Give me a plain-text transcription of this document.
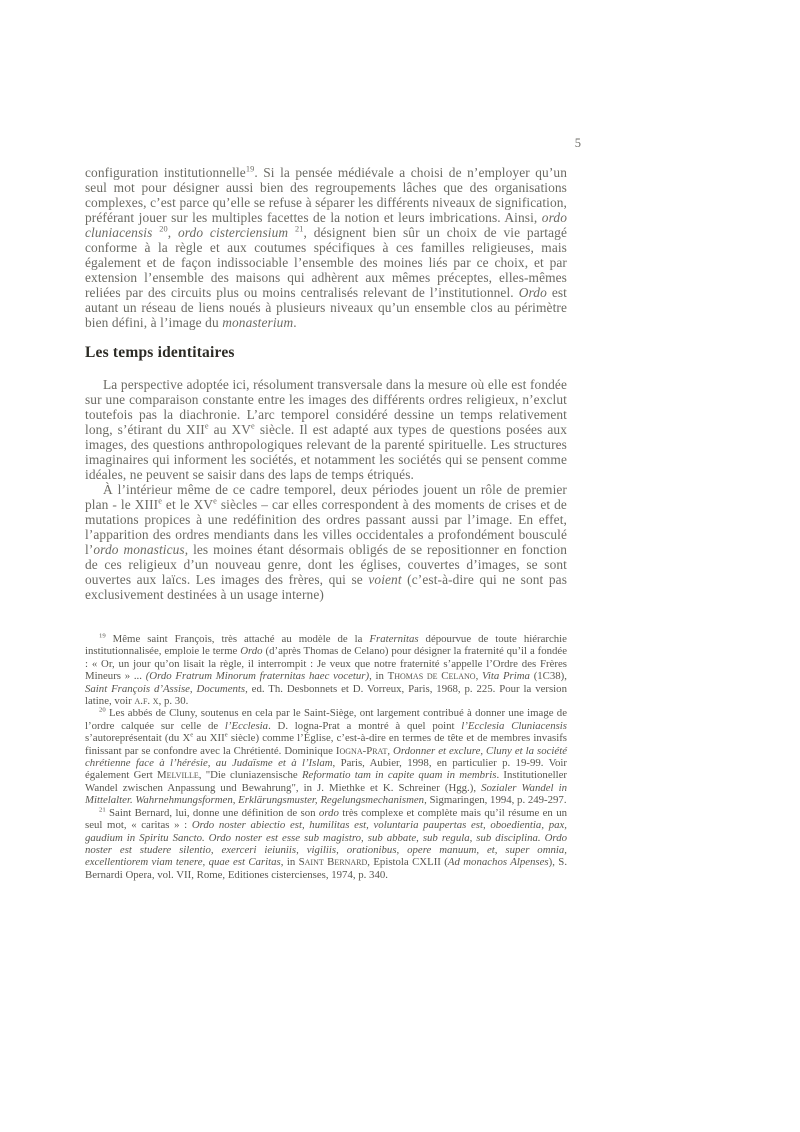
5

configuration institutionnelle$^{19}$. Si la pensée médiévale a choisi de n’employer qu’un seul mot pour désigner aussi bien des regroupements lâches que des organisations complexes, c’est parce qu’elle se refuse à séparer les différents niveaux de signification, préférant jouer sur les multiples facettes de la notion et leurs imbrications. Ainsi, ordo cluniacensis $^{20}$, ordo cisterciensium $^{21}$, désignent bien sûr un choix de vie partagé conforme à la règle et aux coutumes spécifiques à ces familles religieuses, mais également et de façon indissociable l’ensemble des moines liés par ce choix, et par extension l’ensemble des maisons qui adhèrent aux mêmes préceptes, elles-mêmes reliées par des circuits plus ou moins centralisés relevant de l’institutionnel. Ordo est autant un réseau de liens noués à plusieurs niveaux qu’un ensemble clos au périmètre bien défini, à l’image du monasterium.

Les temps identitaires

La perspective adoptée ici, résolument transversale dans la mesure où elle est fondée sur une comparaison constante entre les images des différents ordres religieux, n’exclut toutefois pas la diachronie. L’arc temporel considéré dessine un temps relativement long, s’étirant du XIIe au XVe siècle. Il est adapté aux types de questions posées aux images, des questions anthropologiques relevant de la parenté spirituelle. Les structures imaginaires qui informent les sociétés, et notamment les sociétés qui se pensent comme idéales, ne peuvent se saisir dans des laps de temps étriqués.

À l’intérieur même de ce cadre temporel, deux périodes jouent un rôle de premier plan - le XIIIe et le XVe siècles – car elles correspondent à des moments de crises et de mutations propices à une redéfinition des ordres passant aussi par l’image. En effet, l’apparition des ordres mendiants dans les villes occidentales a profondément bousculé l’ordo monasticus, les moines étant désormais obligés de se repositionner en fonction de ces religieux d’un nouveau genre, dont les églises, couvertes d’images, se sont ouvertes aux laïcs. Les images des frères, qui se voient (c’est-à-dire qui ne sont pas exclusivement destinées à un usage interne)

$^{19}$ Même saint François, très attaché au modèle de la Fraternitas dépourvue de toute hiérarchie institutionnalisée, emploie le terme Ordo (d’après Thomas de Celano) pour désigner la fraternité qu’il a fondée : « Or, un jour qu’on lisait la règle, il interrompit : Je veux que notre fraternité s’appelle l’Ordre des Frères Mineurs » ... (Ordo Fratrum Minorum fraternitas haec vocetur), in Thomas de Celano, Vita Prima (1C38), Saint François d’Assise, Documents, ed. Th. Desbonnets et D. Vorreux, Paris, 1968, p. 225. Pour la version latine, voir a.f. x, p. 30.

$^{20}$ Les abbés de Cluny, soutenus en cela par le Saint-Siège, ont largement contribué à donner une image de l’ordre calquée sur celle de l’Ecclesia. D. logna-Prat a montré à quel point l’Ecclesia Cluniacensis s’autoreprésentait (du Xe au XIIe siècle) comme l’Église, c’est-à-dire en termes de tête et de membres invasifs finissant par se confondre avec la Chrétienté. Dominique Iogna-Prat, Ordonner et exclure, Cluny et la société chrétienne face à l’hérésie, au Judaïsme et à l’Islam, Paris, Aubier, 1998, en particulier p. 19-99. Voir également Gert Melville, "Die cluniazensische Reformatio tam in capite quam in membris. Institutioneller Wandel zwischen Anpassung und Bewahrung", in J. Miethke et K. Schreiner (Hgg.), Sozialer Wandel in Mittelalter. Wahrnehmungsformen, Erklärungsmuster, Regelungsmechanismen, Sigmaringen, 1994, p. 249-297.

$^{21}$ Saint Bernard, lui, donne une définition de son ordo très complexe et complète mais qu’il résume en un seul mot, « caritas » : Ordo noster abiectio est, humilitas est, voluntaria paupertas est, oboedientia, pax, gaudium in Spiritu Sancto. Ordo noster est esse sub magistro, sub abbate, sub regula, sub disciplina. Ordo noster est studere silentio, exerceri ieiuniis, vigiliis, orationibus, opere manuum, et, super omnia, excellentiorem viam tenere, quae est Caritas, in Saint Bernard, Epistola CXLII (Ad monachos Alpenses), S. Bernardi Opera, vol. VII, Rome, Editiones cistercienses, 1974, p. 340.
